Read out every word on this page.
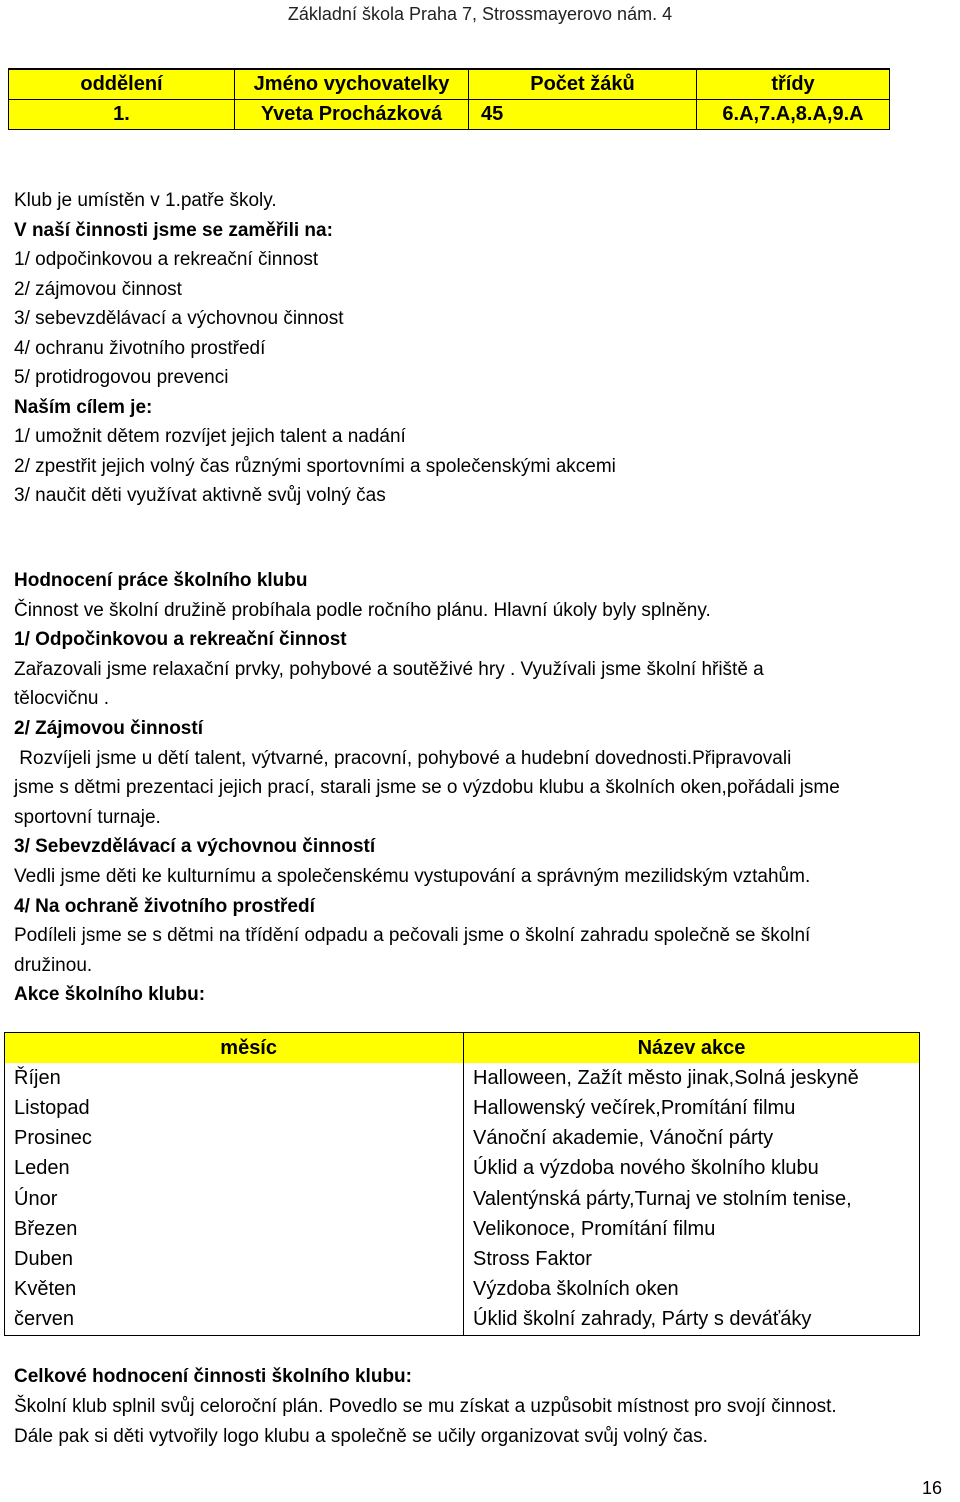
Základní škola Praha 7, Strossmayerovo nám. 4
oddělení	Jméno vychovatelky	Počet žáků	třídy
1.	Yveta Procházková	45	6.A,7.A,8.A,9.A
Klub je umístěn v 1.patře školy.
V naší činnosti jsme se zaměřili na:
1/ odpočinkovou a rekreační činnost
2/ zájmovou činnost
3/ sebevzdělávací a výchovnou činnost
4/ ochranu životního prostředí
5/ protidrogovou prevenci
Naším cílem je:
1/ umožnit dětem rozvíjet jejich talent a nadání
2/ zpestřit jejich volný čas různými sportovními a společenskými akcemi
3/ naučit děti využívat aktivně svůj volný čas
Hodnocení práce školního klubu
Činnost ve školní družině probíhala podle ročního plánu. Hlavní úkoly byly splněny.
1/ Odpočinkovou a rekreační činnost
Zařazovali jsme relaxační prvky, pohybové a soutěživé hry . Využívali jsme školní hřiště a
tělocvičnu .
2/ Zájmovou činností
Rozvíjeli jsme u dětí talent, výtvarné, pracovní, pohybové a hudební dovednosti.Připravovali
jsme s dětmi prezentaci jejich prací, starali jsme se o výzdobu klubu a školních oken,pořádali jsme
sportovní turnaje.
3/ Sebevzdělávací a výchovnou činností
Vedli jsme děti ke kulturnímu a společenskému vystupování a správným mezilidským vztahům.
4/ Na ochraně životního prostředí
Podíleli jsme se s dětmi na třídění odpadu a pečovali jsme o školní zahradu společně se školní
družinou.
Akce školního klubu:
měsíc	Název akce
Říjen	Halloween, Zažít město jinak,Solná jeskyně
Listopad	Hallowenský večírek,Promítání filmu
Prosinec	Vánoční akademie, Vánoční párty
Leden	Úklid a výzdoba nového školního klubu
Únor	Valentýnská párty,Turnaj ve stolním tenise,
Březen	Velikonoce, Promítání filmu
Duben	Stross Faktor
Květen	Výzdoba školních oken
červen	Úklid školní zahrady, Párty s deváťáky
Celkové hodnocení činnosti školního klubu:
Školní klub splnil svůj celoroční plán. Povedlo se mu získat a uzpůsobit místnost pro svojí činnost.
Dále pak si děti vytvořily logo klubu a společně se učily organizovat svůj volný čas.
16
